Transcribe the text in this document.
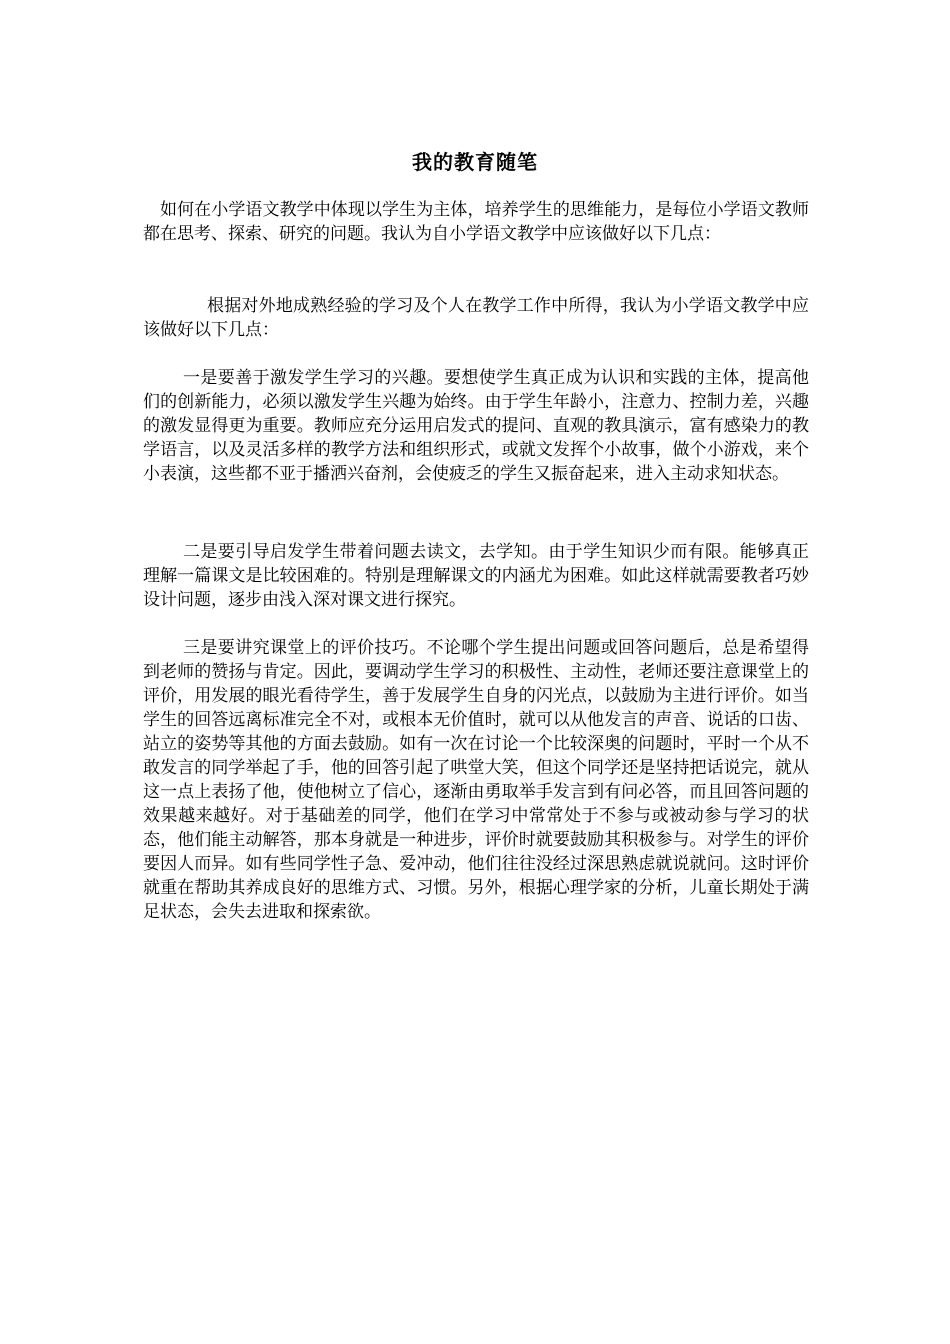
我的教育随笔

如何在小学语文教学中体现以学生为主体，培养学生的思维能力，是每位小学语文教师都在思考、探索、研究的问题。我认为自小学语文教学中应该做好以下几点：

根据对外地成熟经验的学习及个人在教学工作中所得，我认为小学语文教学中应该做好以下几点：

一是要善于激发学生学习的兴趣。要想使学生真正成为认识和实践的主体，提高他们的创新能力，必须以激发学生兴趣为始终。由于学生年龄小，注意力、控制力差，兴趣的激发显得更为重要。教师应充分运用启发式的提问、直观的教具演示，富有感染力的教学语言，以及灵活多样的教学方法和组织形式，或就文发挥个小故事，做个小游戏，来个小表演，这些都不亚于播洒兴奋剂，会使疲乏的学生又振奋起来，进入主动求知状态。

二是要引导启发学生带着问题去读文，去学知。由于学生知识少而有限。能够真正理解一篇课文是比较困难的。特别是理解课文的内涵尤为困难。如此这样就需要教者巧妙设计问题，逐步由浅入深对课文进行探究。

三是要讲究课堂上的评价技巧。不论哪个学生提出问题或回答问题后，总是希望得到老师的赞扬与肯定。因此，要调动学生学习的积极性、主动性，老师还要注意课堂上的评价，用发展的眼光看待学生，善于发展学生自身的闪光点，以鼓励为主进行评价。如当学生的回答远离标准完全不对，或根本无价值时，就可以从他发言的声音、说话的口齿、站立的姿势等其他的方面去鼓励。如有一次在讨论一个比较深奥的问题时，平时一个从不敢发言的同学举起了手，他的回答引起了哄堂大笑，但这个同学还是坚持把话说完，就从这一点上表扬了他，使他树立了信心，逐渐由勇取举手发言到有问必答，而且回答问题的效果越来越好。对于基础差的同学，他们在学习中常常处于不参与或被动参与学习的状态，他们能主动解答，那本身就是一种进步，评价时就要鼓励其积极参与。对学生的评价要因人而异。如有些同学性子急、爱冲动，他们往往没经过深思熟虑就说就问。这时评价就重在帮助其养成良好的思维方式、习惯。另外，根据心理学家的分析，儿童长期处于满足状态，会失去进取和探索欲。
